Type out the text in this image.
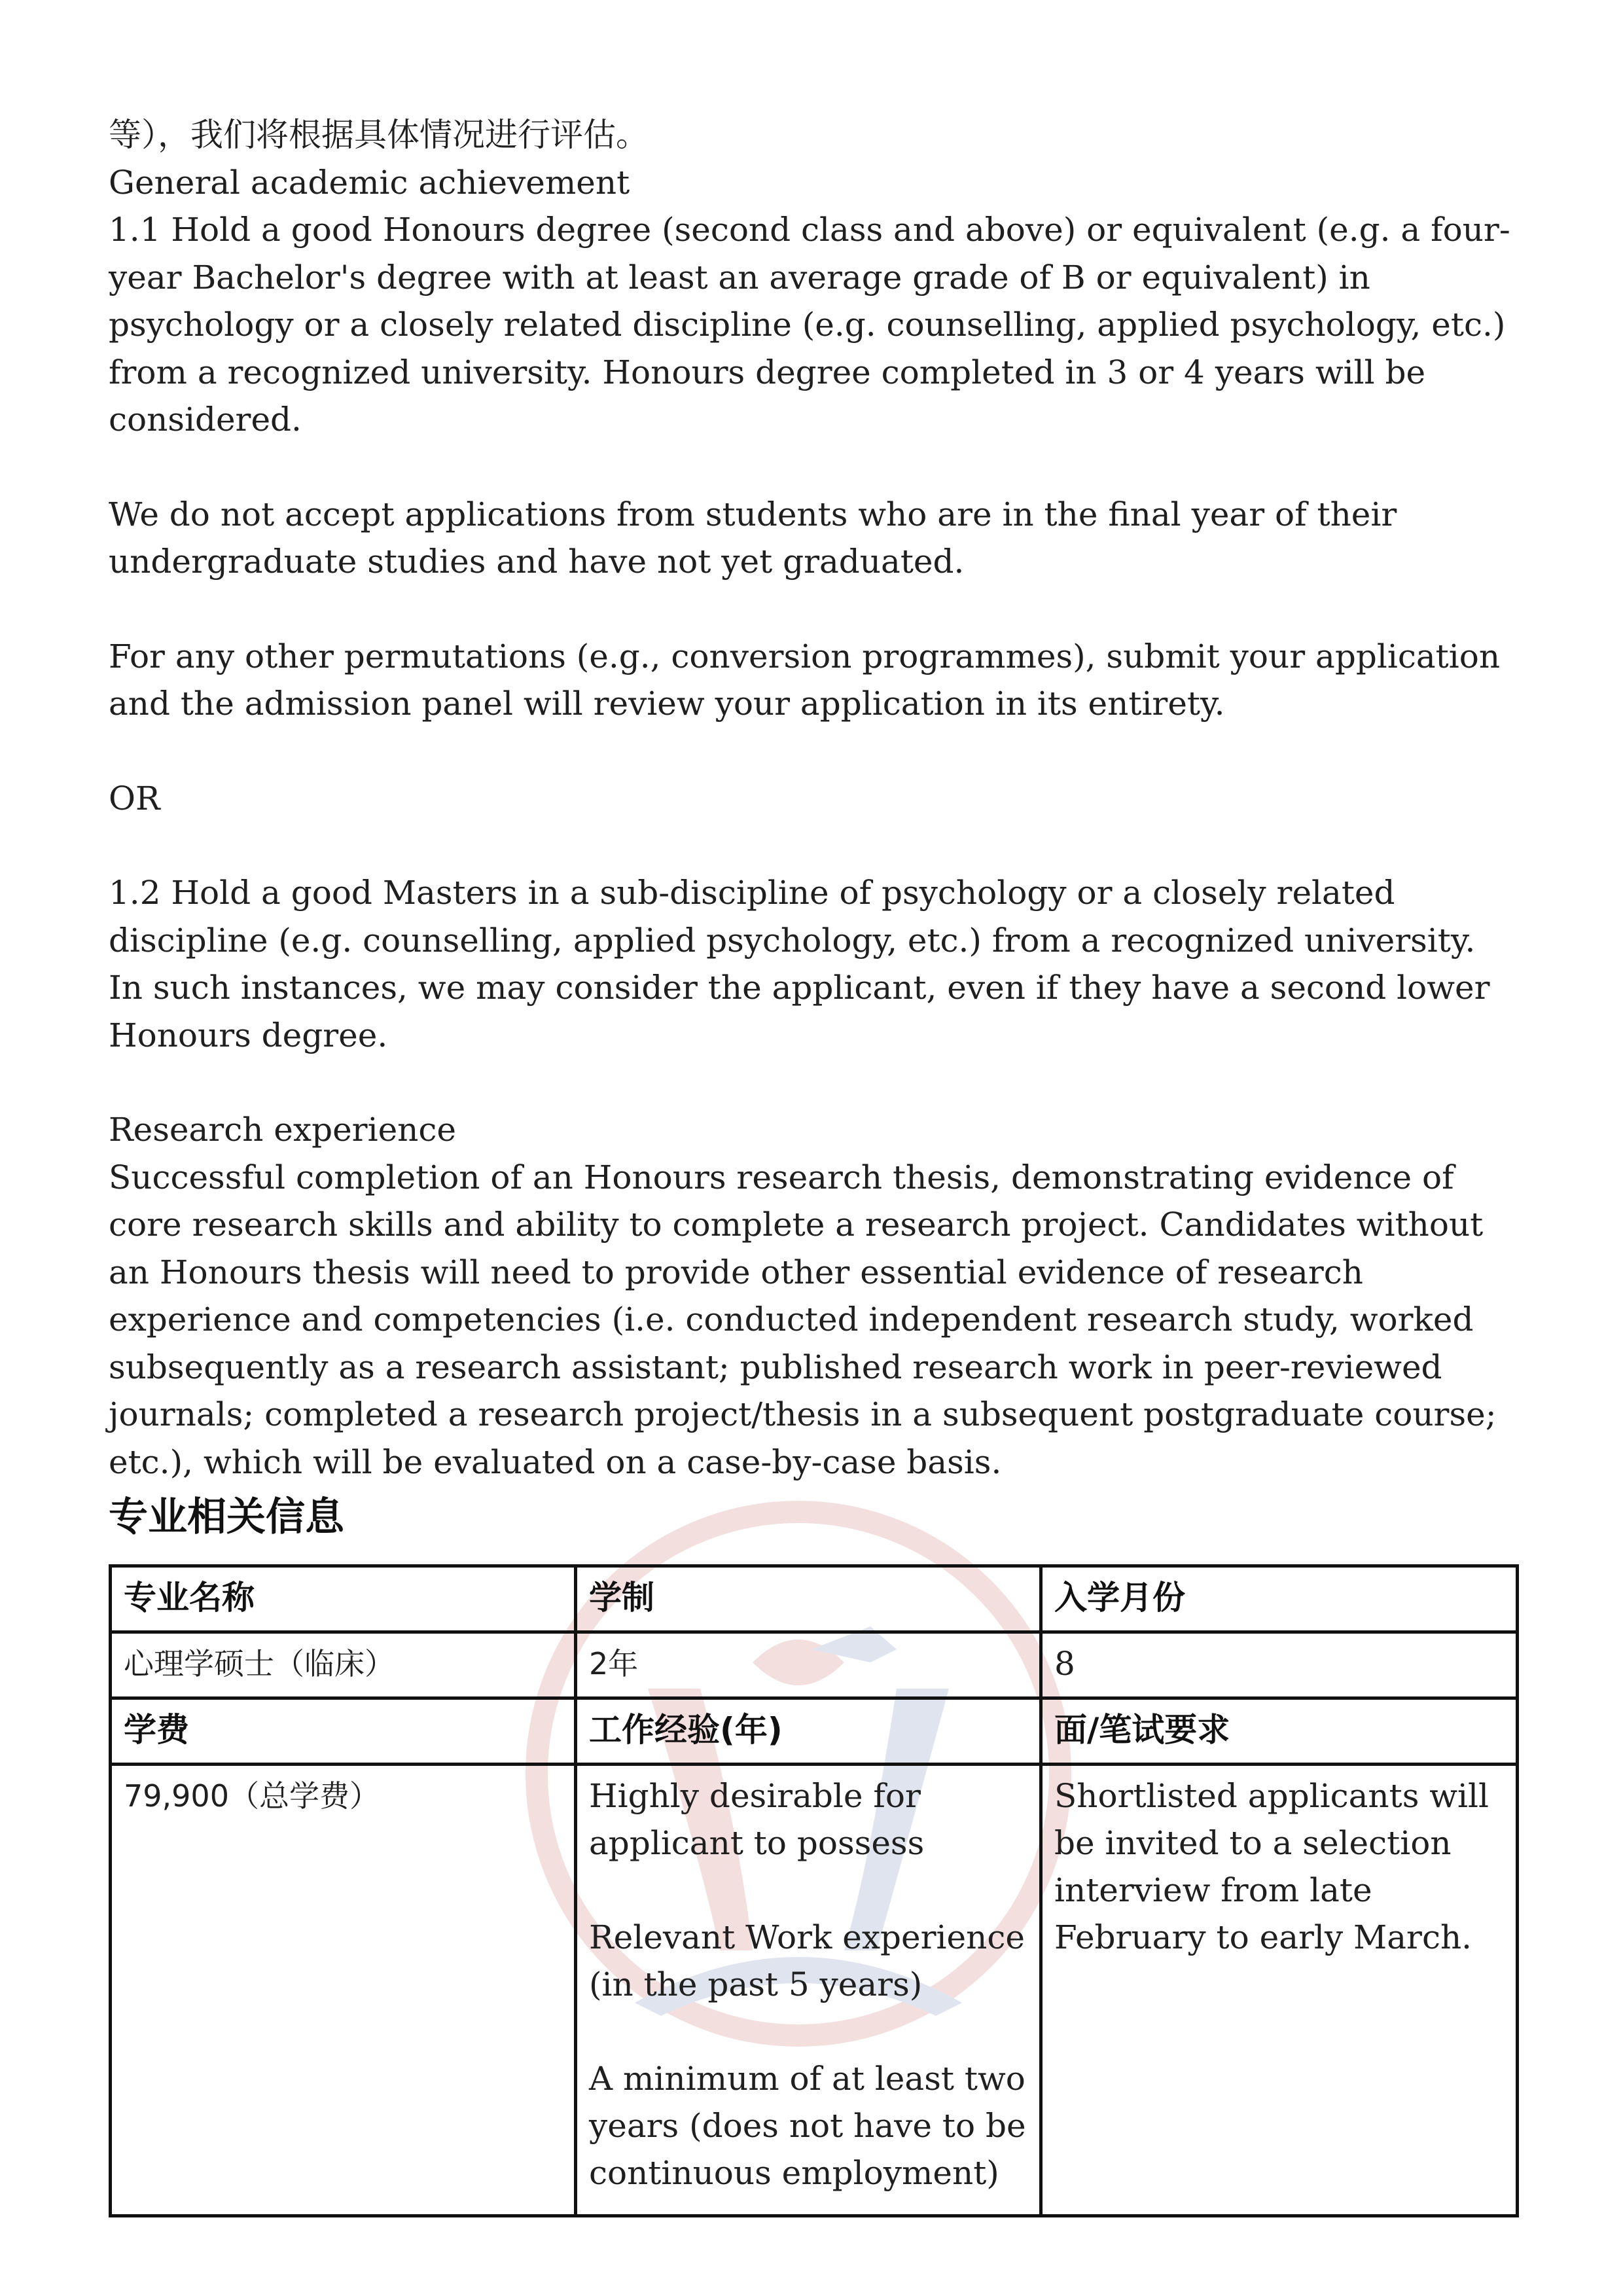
等），我们将根据具体情况进行评估。

General academic achievement

1.1 Hold a good Honours degree (second class and above) or equivalent (e.g. a four-year Bachelor's degree with at least an average grade of B or equivalent) in psychology or a closely related discipline (e.g. counselling, applied psychology, etc.) from a recognized university. Honours degree completed in 3 or 4 years will be considered.

We do not accept applications from students who are in the final year of their undergraduate studies and have not yet graduated.

For any other permutations (e.g., conversion programmes), submit your application and the admission panel will review your application in its entirety.

OR

1.2 Hold a good Masters in a sub-discipline of psychology or a closely related discipline (e.g. counselling, applied psychology, etc.) from a recognized university. In such instances, we may consider the applicant, even if they have a second lower Honours degree.

Research experience

Successful completion of an Honours research thesis, demonstrating evidence of core research skills and ability to complete a research project. Candidates without an Honours thesis will need to provide other essential evidence of research experience and competencies (i.e. conducted independent research study, worked subsequently as a research assistant; published research work in peer-reviewed journals; completed a research project/thesis in a subsequent postgraduate course; etc.), which will be evaluated on a case-by-case basis.

专业相关信息
专业名称	学制	入学月份
心理学硕士（临床）	2年	8
学费	工作经验(年)	面/笔试要求
79,900（总学费）	Highly desirable for applicant to possess

Relevant Work experience (in the past 5 years)

A minimum of at least two years (does not have to be continuous employment)	Shortlisted applicants will be invited to a selection interview from late February to early March.
